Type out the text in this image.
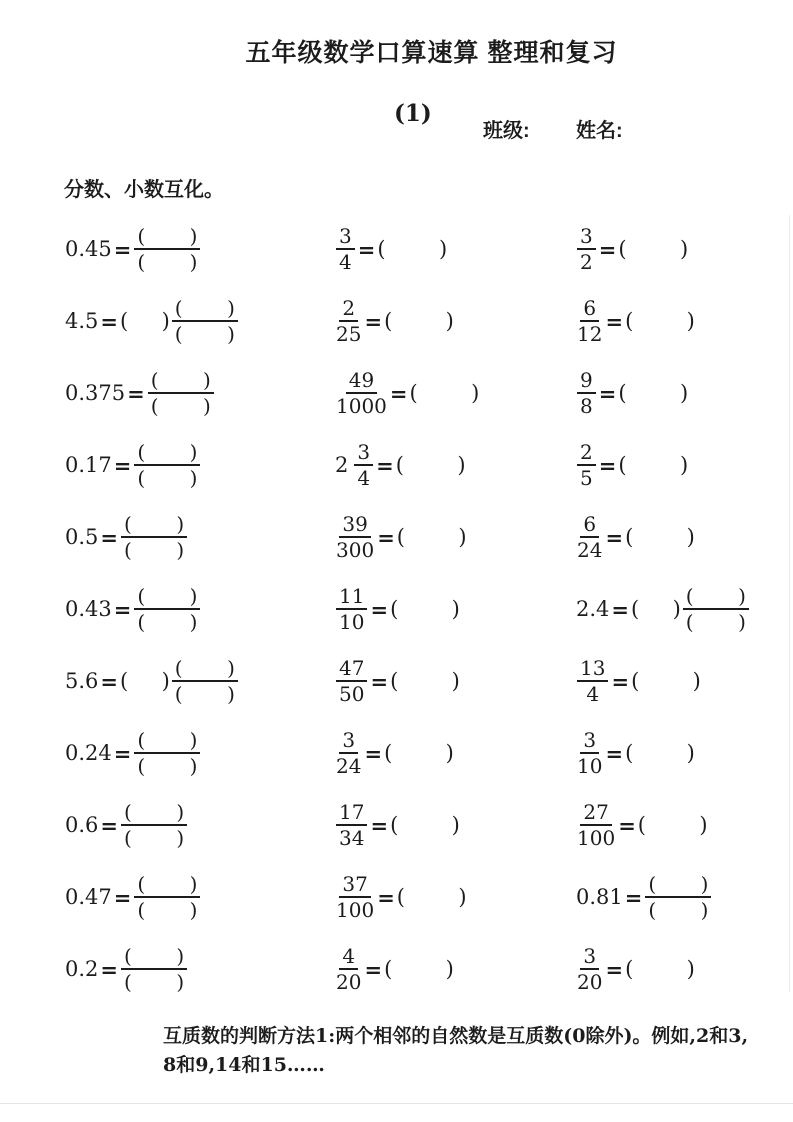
五年级数学口算速算 整理和复习
(1)
班级: 姓名:
分数、小数互化。
$0.45 = \frac{( )}{( )}$	$\frac{3}{4}$ = (        )	$\frac{3}{2}$ = (        )
4.5 = (     ) $\frac{( )}{( )}$	$\frac{2}{25}$ = (        )	$\frac{6}{12}$ = (        )
$0.375 = \frac{( )}{( )}$	$\frac{49}{1000}$ = (        )	$\frac{9}{8}$ = (        )
$0.17 = \frac{( )}{( )}$	$2 \frac{3}{4}$ = (        )	$\frac{2}{5}$ = (        )
$0.5 = \frac{( )}{( )}$	$\frac{39}{300}$ = (        )	$\frac{6}{24}$ = (        )
$0.43 = \frac{( )}{( )}$	$\frac{11}{10}$ = (        )	2.4 = (     ) $\frac{( )}{( )}$
5.6 = (     ) $\frac{( )}{( )}$	$\frac{47}{50}$ = (        )	$\frac{13}{4}$ = (        )
$0.24 = \frac{( )}{( )}$	$\frac{3}{24}$ = (        )	$\frac{3}{10}$ = (        )
$0.6 = \frac{( )}{( )}$	$\frac{17}{34}$ = (        )	$\frac{27}{100}$ = (        )
$0.47 = \frac{( )}{( )}$	$\frac{37}{100}$ = (        )	$0.81 = \frac{( )}{( )}$
$0.2 = \frac{( )}{( )}$	$\frac{4}{20}$ = (        )	$\frac{3}{20}$ = (        )
互质数的判断方法1:两个相邻的自然数是互质数(0除外)。例如,2和3,
8和9,14和15……
